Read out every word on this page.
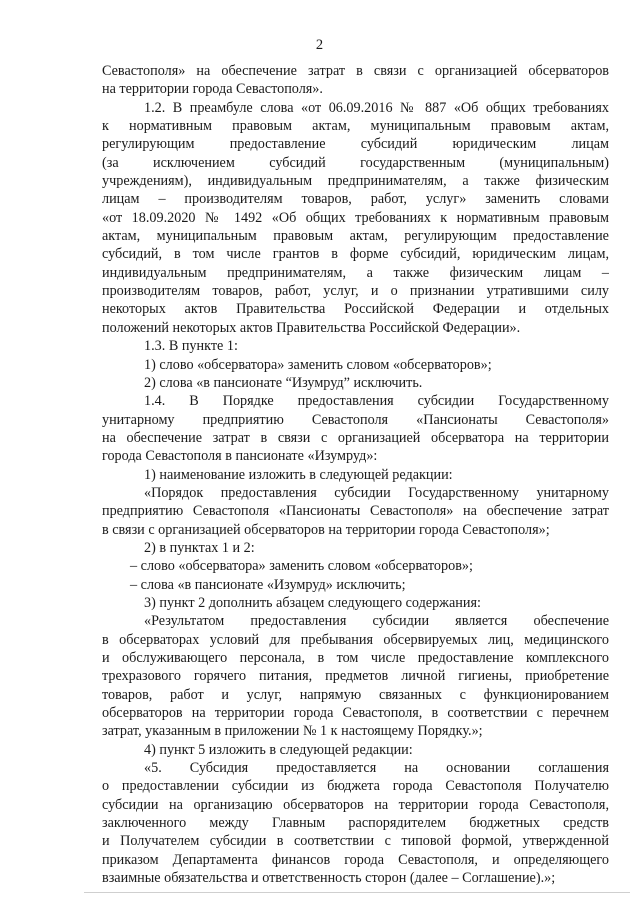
2
Севастополя» на обеспечение затрат в связи с организацией обсерваторов
на территории города Севастополя».
1.2. В преамбуле слова «от 06.09.2016 № 887 «Об общих требованиях
к нормативным правовым актам, муниципальным правовым актам,
регулирующим предоставление субсидий юридическим лицам
(за исключением субсидий государственным (муниципальным)
учреждениям), индивидуальным предпринимателям, а также физическим
лицам – производителям товаров, работ, услуг» заменить словами
«от 18.09.2020 № 1492 «Об общих требованиях к нормативным правовым
актам, муниципальным правовым актам, регулирующим предоставление
субсидий, в том числе грантов в форме субсидий, юридическим лицам,
индивидуальным предпринимателям, а также физическим лицам –
производителям товаров, работ, услуг, и о признании утратившими силу
некоторых актов Правительства Российской Федерации и отдельных
положений некоторых актов Правительства Российской Федерации».
1.3. В пункте 1:
1) слово «обсерватора» заменить словом «обсерваторов»;
2) слова «в пансионате “Изумруд” исключить.
1.4. В Порядке предоставления субсидии Государственному
унитарному предприятию Севастополя «Пансионаты Севастополя»
на обеспечение затрат в связи с организацией обсерватора на территории
города Севастополя в пансионате «Изумруд»:
1) наименование изложить в следующей редакции:
«Порядок предоставления субсидии Государственному унитарному
предприятию Севастополя «Пансионаты Севастополя» на обеспечение затрат
в связи с организацией обсерваторов на территории города Севастополя»;
2) в пунктах 1 и 2:
– слово «обсерватора» заменить словом «обсерваторов»;
– слова «в пансионате «Изумруд» исключить;
3) пункт 2 дополнить абзацем следующего содержания:
«Результатом предоставления субсидии является обеспечение
в обсерваторах условий для пребывания обсервируемых лиц, медицинского
и обслуживающего персонала, в том числе предоставление комплексного
трехразового горячего питания, предметов личной гигиены, приобретение
товаров, работ и услуг, напрямую связанных с функционированием
обсерваторов на территории города Севастополя, в соответствии с перечнем
затрат, указанным в приложении № 1 к настоящему Порядку.»;
4) пункт 5 изложить в следующей редакции:
«5. Субсидия предоставляется на основании соглашения
о предоставлении субсидии из бюджета города Севастополя Получателю
субсидии на организацию обсерваторов на территории города Севастополя,
заключенного между Главным распорядителем бюджетных средств
и Получателем субсидии в соответствии с типовой формой, утвержденной
приказом Департамента финансов города Севастополя, и определяющего
взаимные обязательства и ответственность сторон (далее – Соглашение).»;
